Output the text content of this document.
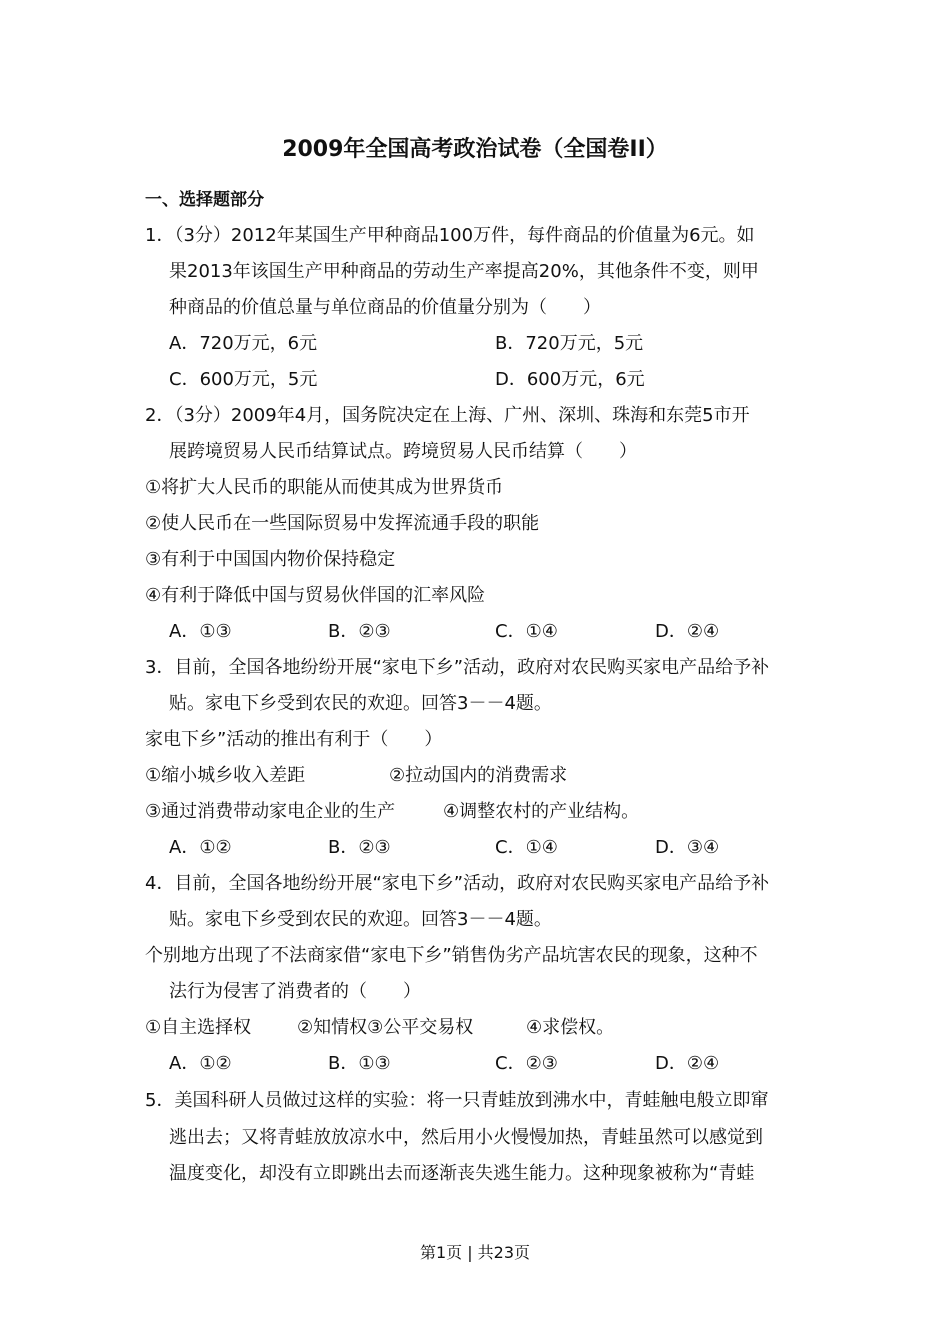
2009年全国高考政治试卷（全国卷II）
一、选择题部分
1．（3分）2012年某国生产甲种商品100万件，每件商品的价值量为6元。如
果2013年该国生产甲种商品的劳动生产率提高20%，其他条件不变，则甲
种商品的价值总量与单位商品的价值量分别为（　　）
A．720万元，6元	B．720万元，5元
C．600万元，5元	D．600万元，6元
2．（3分）2009年4月，国务院决定在上海、广州、深圳、珠海和东莞5市开
展跨境贸易人民币结算试点。跨境贸易人民币结算（　　）
①将扩大人民币的职能从而使其成为世界货币
②使人民币在一些国际贸易中发挥流通手段的职能
③有利于中国国内物价保持稳定
④有利于降低中国与贸易伙伴国的汇率风险
A．①③	B．②③	C．①④	D．②④
3．目前，全国各地纷纷开展“家电下乡”活动，政府对农民购买家电产品给予补
贴。家电下乡受到农民的欢迎。回答3－－4题。
家电下乡”活动的推出有利于（　　）
①缩小城乡收入差距	②拉动国内的消费需求
③通过消费带动家电企业的生产	④调整农村的产业结构。
A．①②	B．②③	C．①④	D．③④
4．目前，全国各地纷纷开展“家电下乡”活动，政府对农民购买家电产品给予补
贴。家电下乡受到农民的欢迎。回答3－－4题。
个别地方出现了不法商家借“家电下乡”销售伪劣产品坑害农民的现象，这种不
法行为侵害了消费者的（　　）
①自主选择权	②知情权③公平交易权	④求偿权。
A．①②	B．①③	C．②③	D．②④
5．美国科研人员做过这样的实验：将一只青蛙放到沸水中，青蛙触电般立即窜
逃出去；又将青蛙放放凉水中，然后用小火慢慢加热，青蛙虽然可以感觉到
温度变化，却没有立即跳出去而逐渐丧失逃生能力。这种现象被称为“青蛙
第1页 | 共23页
